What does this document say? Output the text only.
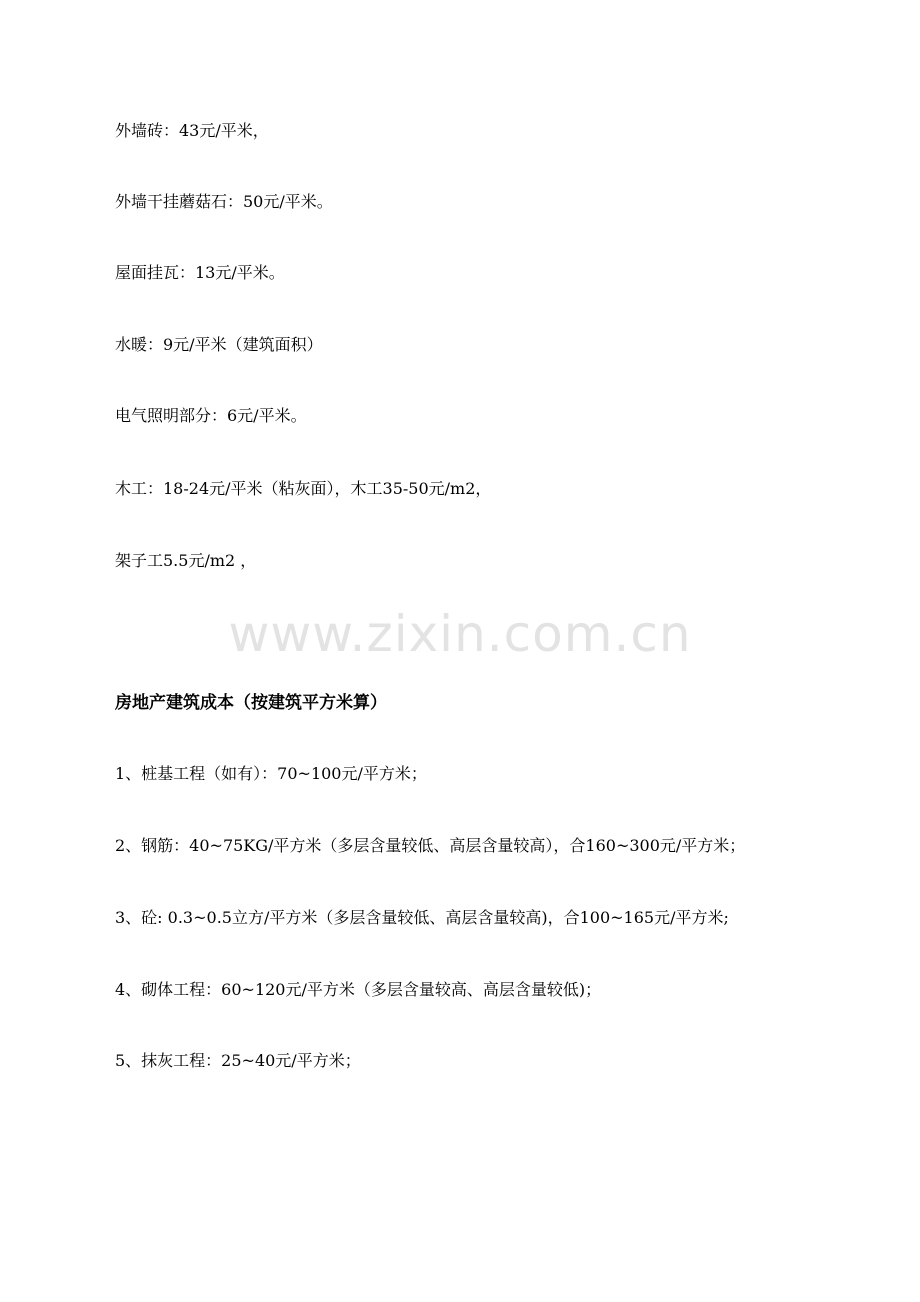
外墙砖：43元/平米，
外墙干挂蘑菇石：50元/平米。
屋面挂瓦：13元/平米。
水暖：9元/平米（建筑面积）
电气照明部分：6元/平米。
木工：18-24元/平米（粘灰面），木工35-50元/m2，
架子工5.5元/m2 ，
www.zixin.com.cn
房地产建筑成本（按建筑平方米算）
1、桩基工程（如有）：70~100元/平方米；
2、钢筋：40~75KG/平方米（多层含量较低、高层含量较高），合160~300元/平方米；
3、砼: 0.3~0.5立方/平方米（多层含量较低、高层含量较高)，合100~165元/平方米;
4、砌体工程：60~120元/平方米（多层含量较高、高层含量较低)；
5、抹灰工程：25~40元/平方米；
